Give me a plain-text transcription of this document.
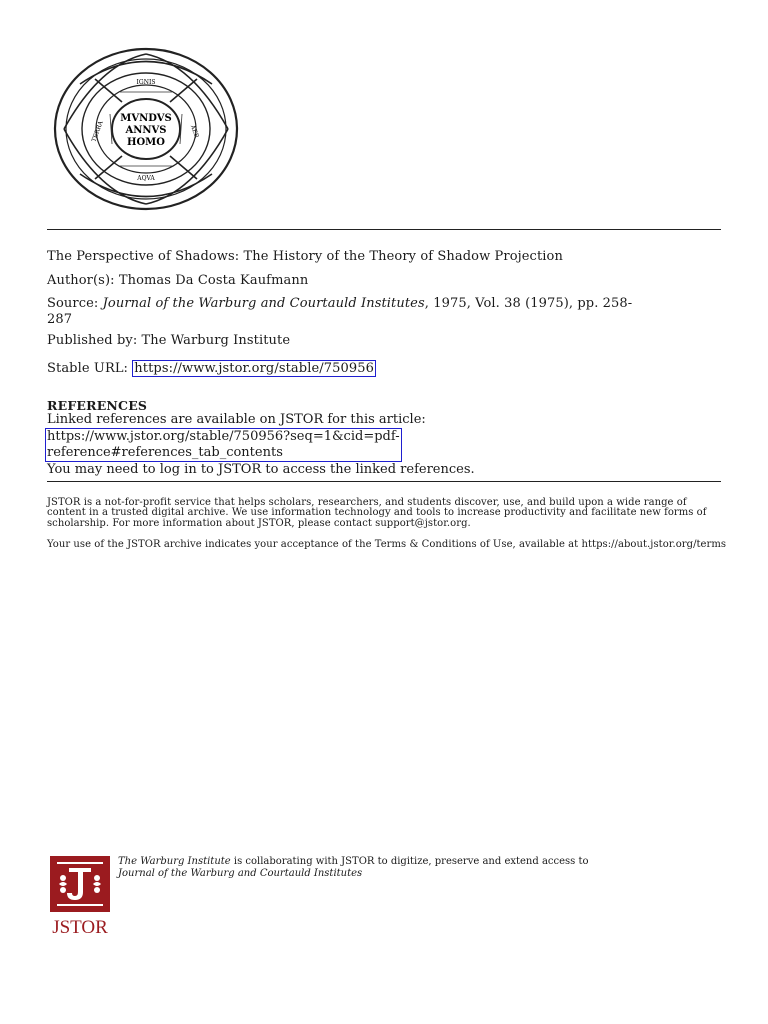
MVNDVS
ANNVS
HOMO
IGNIS
AER
AQVA
TERRA
The Perspective of Shadows: The History of the Theory of Shadow Projection
Author(s): Thomas Da Costa Kaufmann
Source: Journal of the Warburg and Courtauld Institutes, 1975, Vol. 38 (1975), pp. 258-
287
Published by: The Warburg Institute
Stable URL: https://www.jstor.org/stable/750956
REFERENCES
Linked references are available on JSTOR for this article:
https://www.jstor.org/stable/750956?seq=1&cid=pdf-
reference#references_tab_contents
You may need to log in to JSTOR to access the linked references.
JSTOR is a not-for-profit service that helps scholars, researchers, and students discover, use, and build upon a wide range of content in a trusted digital archive. We use information technology and tools to increase productivity and facilitate new forms of scholarship. For more information about JSTOR, please contact support@jstor.org.
Your use of the JSTOR archive indicates your acceptance of the Terms & Conditions of Use, available at https://about.jstor.org/terms
JSTOR
The Warburg Institute is collaborating with JSTOR to digitize, preserve and extend access to
Journal of the Warburg and Courtauld Institutes
